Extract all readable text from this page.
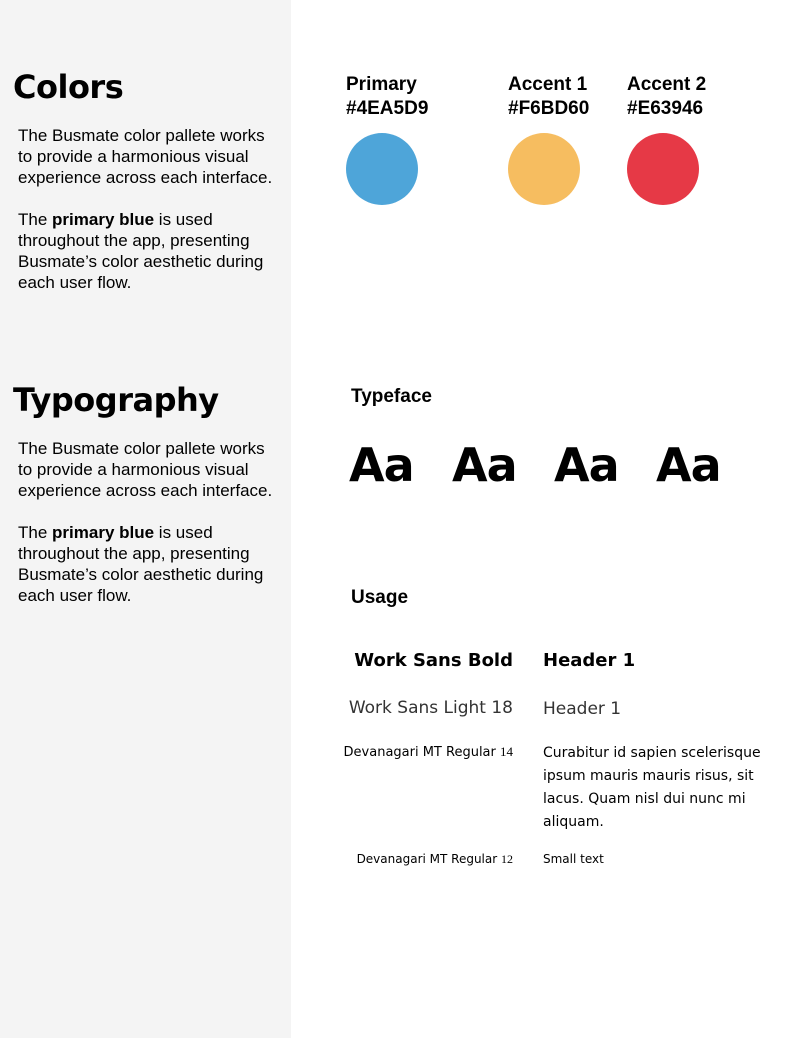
Colors

The Busmate color pallete works to provide a harmonious visual experience across each interface.

The primary blue is used throughout the app, presenting Busmate’s color aesthetic during each user flow.

Primary
#4EA5D9
Accent 1
#F6BD60
Accent 2
#E63946
Typography

The Busmate color pallete works to provide a harmonious visual experience across each interface.

The primary blue is used throughout the app, presenting Busmate’s color aesthetic during each user flow.

Typeface
Aa Aa Aa Aa
Usage
Work Sans Bold Header 1
Work Sans Light 18 Header 1
Devanagari MT Regular 14 Curabitur id sapien scelerisque ipsum mauris mauris risus, sit lacus. Quam nisl dui nunc mi aliquam.
Devanagari MT Regular 12	Small text
